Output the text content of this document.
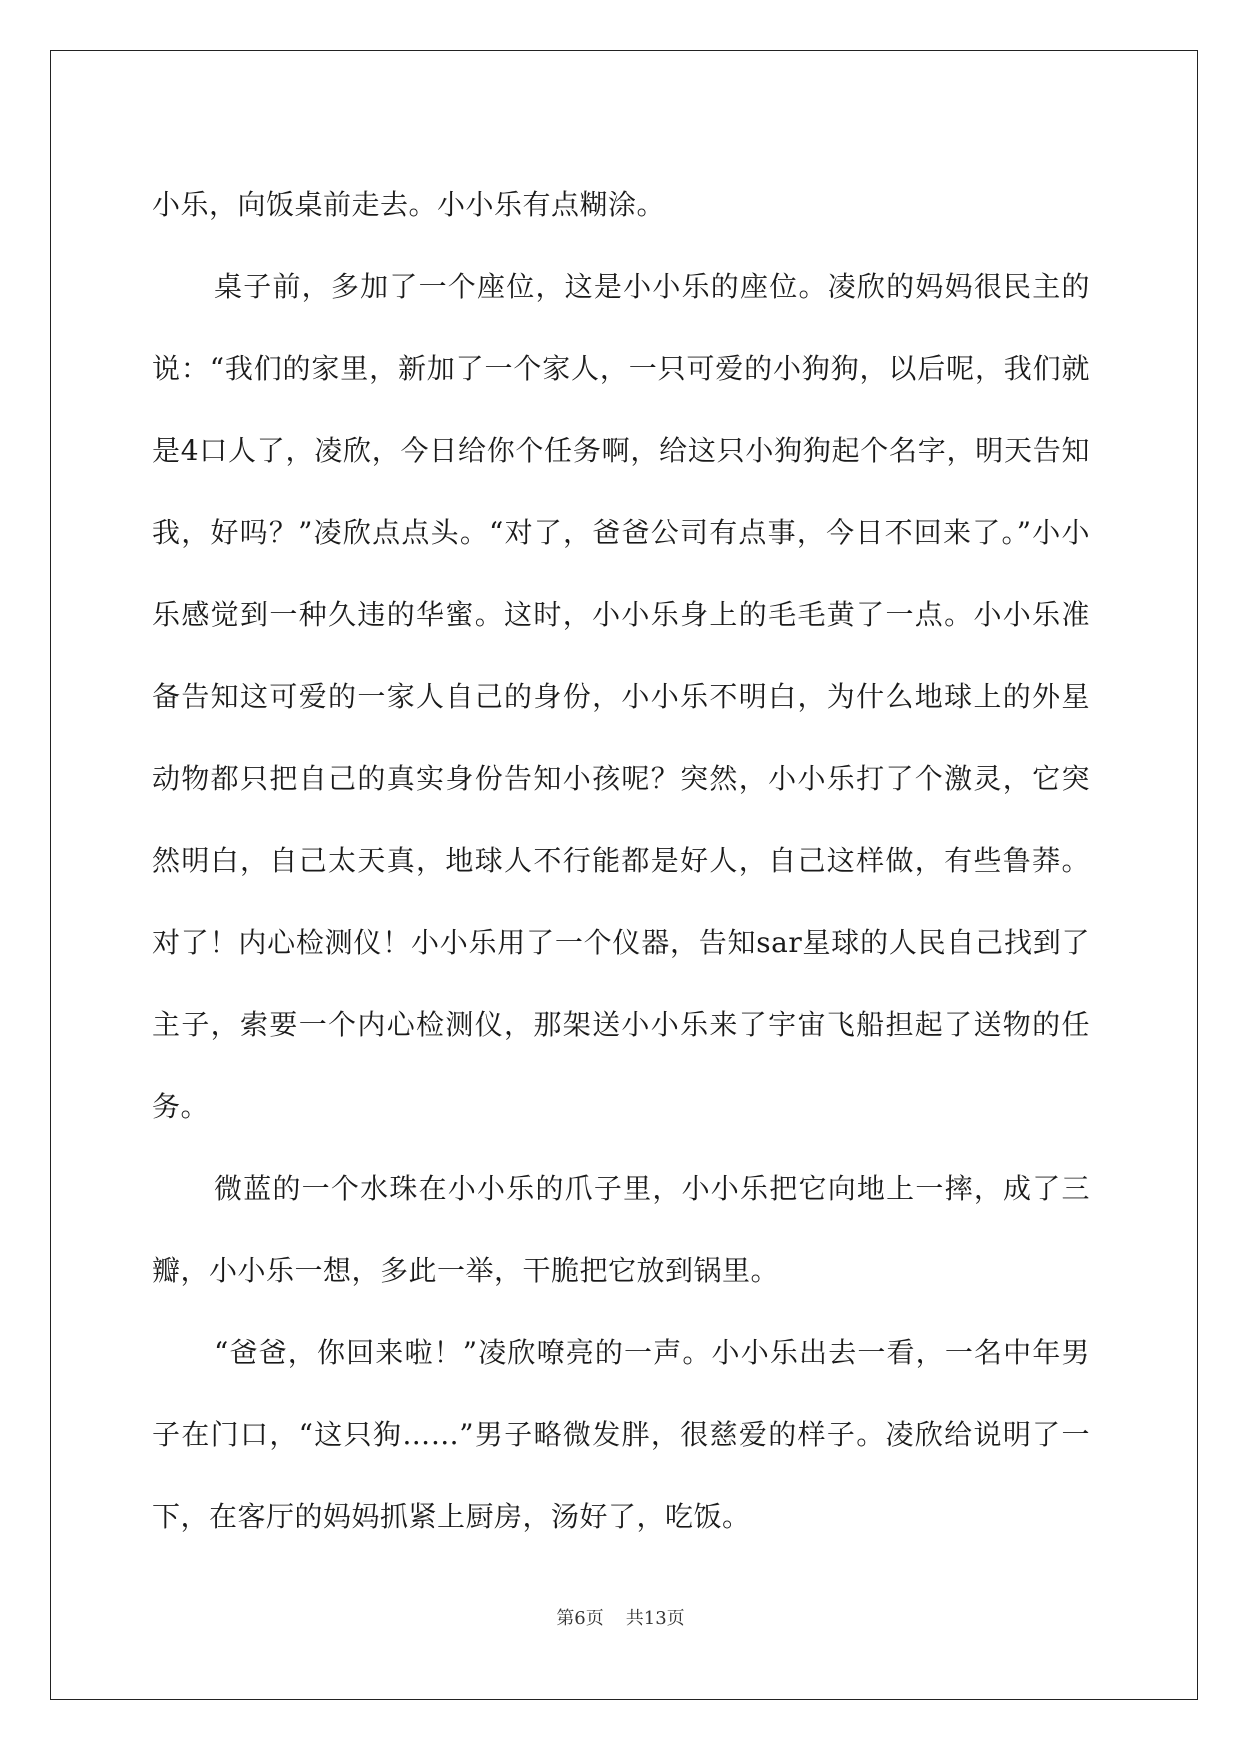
小乐，向饭桌前走去。小小乐有点糊涂。

桌子前，多加了一个座位，这是小小乐的座位。凌欣的妈妈很民主的说：“我们的家里，新加了一个家人，一只可爱的小狗狗，以后呢，我们就是4口人了，凌欣，今日给你个任务啊，给这只小狗狗起个名字，明天告知我，好吗？”凌欣点点头。“对了，爸爸公司有点事，今日不回来了。”小小乐感觉到一种久违的华蜜。这时，小小乐身上的毛毛黄了一点。小小乐准备告知这可爱的一家人自己的身份，小小乐不明白，为什么地球上的外星动物都只把自己的真实身份告知小孩呢？突然，小小乐打了个激灵，它突然明白，自己太天真，地球人不行能都是好人，自己这样做，有些鲁莽。对了！内心检测仪！小小乐用了一个仪器，告知sar星球的人民自己找到了主子，索要一个内心检测仪，那架送小小乐来了宇宙飞船担起了送物的任务。

微蓝的一个水珠在小小乐的爪子里，小小乐把它向地上一摔，成了三瓣，小小乐一想，多此一举，干脆把它放到锅里。

“爸爸，你回来啦！”凌欣嘹亮的一声。小小乐出去一看，一名中年男子在门口，“这只狗……”男子略微发胖，很慈爱的样子。凌欣给说明了一下，在客厅的妈妈抓紧上厨房，汤好了，吃饭。

第6页 共13页
